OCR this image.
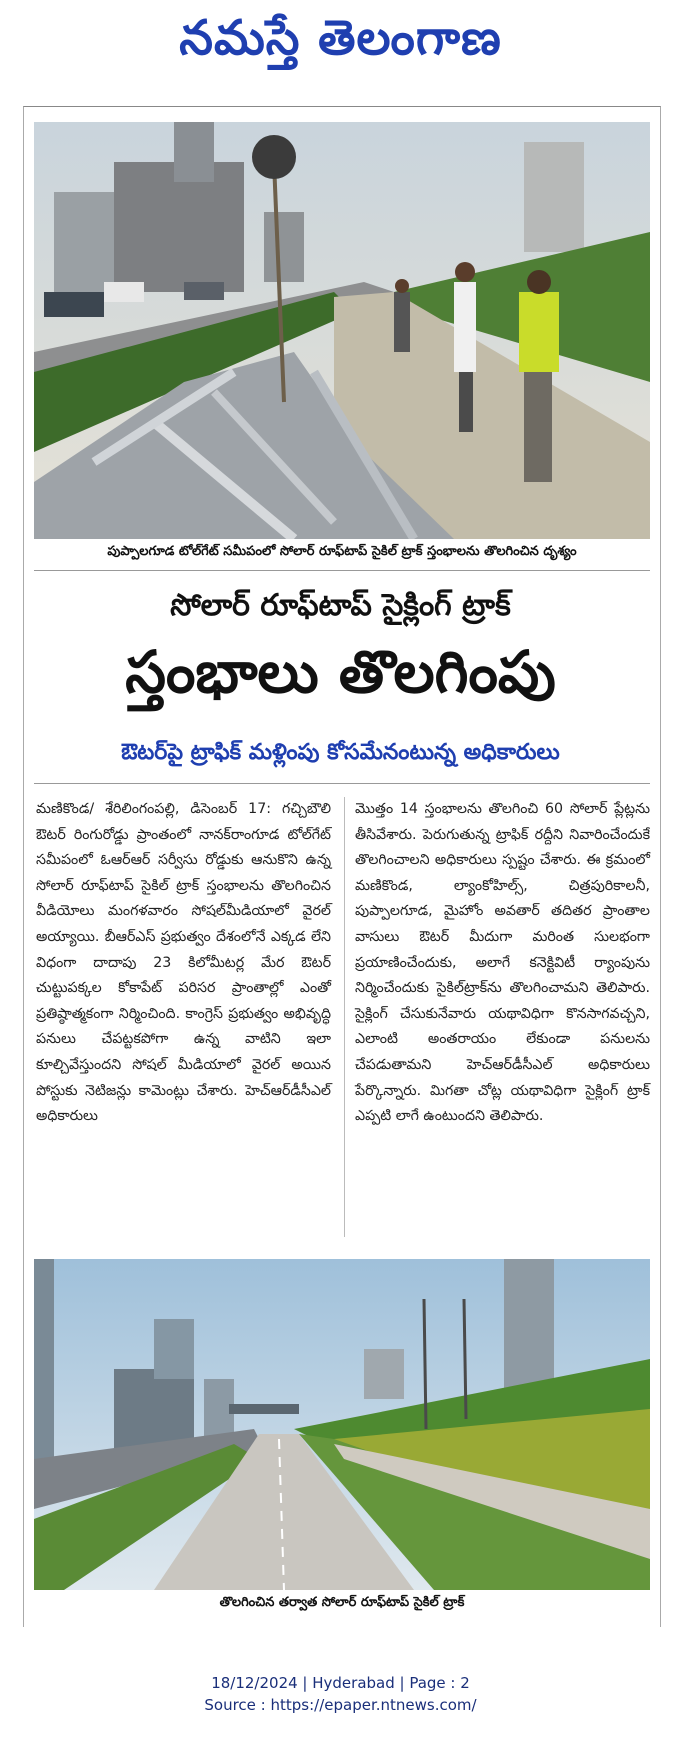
నమస్తే తెలంగాణ
పుప్పాలగూడ టోల్‌గేట్ సమీపంలో సోలార్ రూఫ్‌టాప్ సైకిల్ ట్రాక్ స్తంభాలను తొలగించిన దృశ్యం
సోలార్ రూఫ్‌టాప్ సైక్లింగ్ ట్రాక్
స్తంభాలు తొలగింపు
ఔటర్‌పై ట్రాఫిక్ మళ్లింపు కోసమేనంటున్న అధికారులు
మణికొండ/ శేరిలింగంపల్లి, డిసెంబర్ 17: గచ్చిబౌలి ఔటర్ రింగురోడ్డు ప్రాంతంలో నానక్‌రాంగూడ టోల్‌గేట్ సమీపంలో ఓఆర్‌ఆర్ సర్వీసు రోడ్డుకు ఆనుకొని ఉన్న సోలార్ రూఫ్‌టాప్ సైకిల్ ట్రాక్ స్తంభాలను తొలగించిన వీడియోలు మంగళవారం సోషల్‌మీడియాలో వైరల్ అయ్యాయి. బీఆర్‌ఎస్ ప్రభుత్వం దేశంలోనే ఎక్కడ లేని విధంగా దాదాపు 23 కిలోమీటర్ల మేర ఔటర్ చుట్టుపక్కల కోకాపేట్ పరిసర ప్రాంతాల్లో ఎంతో ప్రతిష్ఠాత్మకంగా నిర్మించింది. కాంగ్రెస్ ప్రభుత్వం అభివృద్ధి పనులు చేపట్టకపోగా ఉన్న వాటిని ఇలా కూల్చివేస్తుందని సోషల్ మీడియాలో వైరల్ అయిన పోస్టుకు నెటిజన్లు కామెంట్లు చేశారు. హెచ్‌ఆర్‌డీసీఎల్ అధికారులు
మొత్తం 14 స్తంభాలను తొలగించి 60 సోలార్ ప్లేట్లను తీసివేశారు. పెరుగుతున్న ట్రాఫిక్ రద్దీని నివారించేందుకే తొలగించాలని అధికారులు స్పష్టం చేశారు. ఈ క్రమంలో మణికొండ, ల్యాంకోహిల్స్, చిత్రపురికాలనీ, పుప్పాలగూడ, మైహోం అవతార్ తదితర ప్రాంతాల వాసులు ఔటర్ మీదుగా మరింత సులభంగా ప్రయాణించేందుకు, అలాగే కనెక్టివిటీ ర్యాంపును నిర్మించేందుకు సైకిల్‌ట్రాక్‌ను తొలగించామని తెలిపారు. సైక్లింగ్ చేసుకునేవారు యథావిధిగా కొనసాగవచ్చని, ఎలాంటి అంతరాయం లేకుండా పనులను చేపడుతామని హెచ్‌ఆర్‌డీసీఎల్ అధికారులు పేర్కొన్నారు. మిగతా చోట్ల యథావిధిగా సైక్లింగ్ ట్రాక్ ఎప్పటి లాగే ఉంటుందని తెలిపారు.
తొలగించిన తర్వాత సోలార్ రూఫ్‌టాప్ సైకిల్ ట్రాక్
18/12/2024 | Hyderabad | Page : 2
Source : https://epaper.ntnews.com/
